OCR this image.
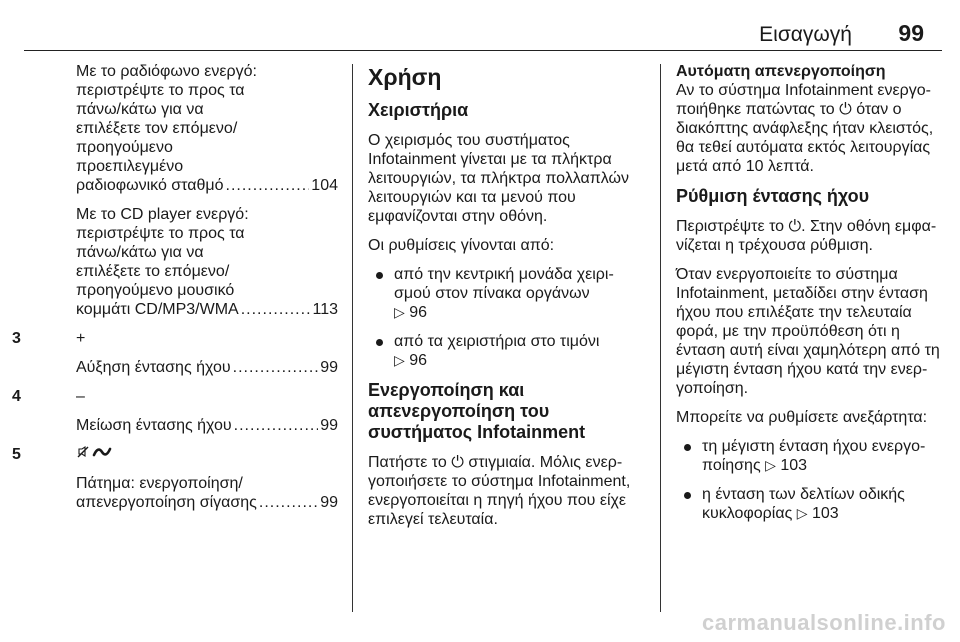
Εισαγωγή 99
Με το ραδιόφωνο ενεργό:
περιστρέψτε το προς τα
πάνω/κάτω για να
επιλέξετε τον επόμενο/
προηγούμενο
προεπιλεγμένο
ραδιοφωνικό σταθμό .....	104
Με το CD player ενεργό:
περιστρέψτε το προς τα
πάνω/κάτω για να
επιλέξετε το επόμενο/
προηγούμενο μουσικό
κομμάτι CD/MP3/WMA .....	113
3	+
Αύξηση έντασης ήχου .....	99
4	–
Μείωση έντασης ήχου .....	99
5
Πάτημα: ενεργοποίηση/
απενεργοποίηση σίγασης .....	99
Χρήση
Χειριστήρια

Ο χειρισμός του συστήματος Infotainment γίνεται με τα πλήκτρα λειτουργιών, τα πλήκτρα πολλαπλών λειτουργιών και τα μενού που εμφανίζονται στην οθόνη.

Οι ρυθμίσεις γίνονται από:

από την κεντρική μονάδα χειρισμού στον πίνακα οργάνων
▷ 96
από τα χειριστήρια στο τιμόνι
▷ 96
Ενεργοποίηση και απενεργοποίηση του συστήματος Infotainment

Πατήστε το ⏻ στιγμιαία. Μόλις ενεργοποιήσετε το σύστημα Infotainment, ενεργοποιείται η πηγή ήχου που είχε επιλεγεί τελευταία.

Αυτόματη απενεργοποίηση

Αν το σύστημα Infotainment ενεργοποιήθηκε πατώντας το ⏻ όταν ο διακόπτης ανάφλεξης ήταν κλειστός, θα τεθεί αυτόματα εκτός λειτουργίας μετά από 10 λεπτά.

Ρύθμιση έντασης ήχου

Περιστρέψτε το ⏻. Στην οθόνη εμφανίζεται η τρέχουσα ρύθμιση.

Όταν ενεργοποιείτε το σύστημα Infotainment, μεταδίδει στην ένταση ήχου που επιλέξατε την τελευταία φορά, με την προϋπόθεση ότι η ένταση αυτή είναι χαμηλότερη από τη μέγιστη ένταση ήχου κατά την ενεργοποίηση.

Μπορείτε να ρυθμίσετε ανεξάρτητα:

τη μέγιστη ένταση ήχου ενεργοποίησης ▷ 103
η ένταση των δελτίων οδικής κυκλοφορίας ▷ 103
carmanualsonline.info
